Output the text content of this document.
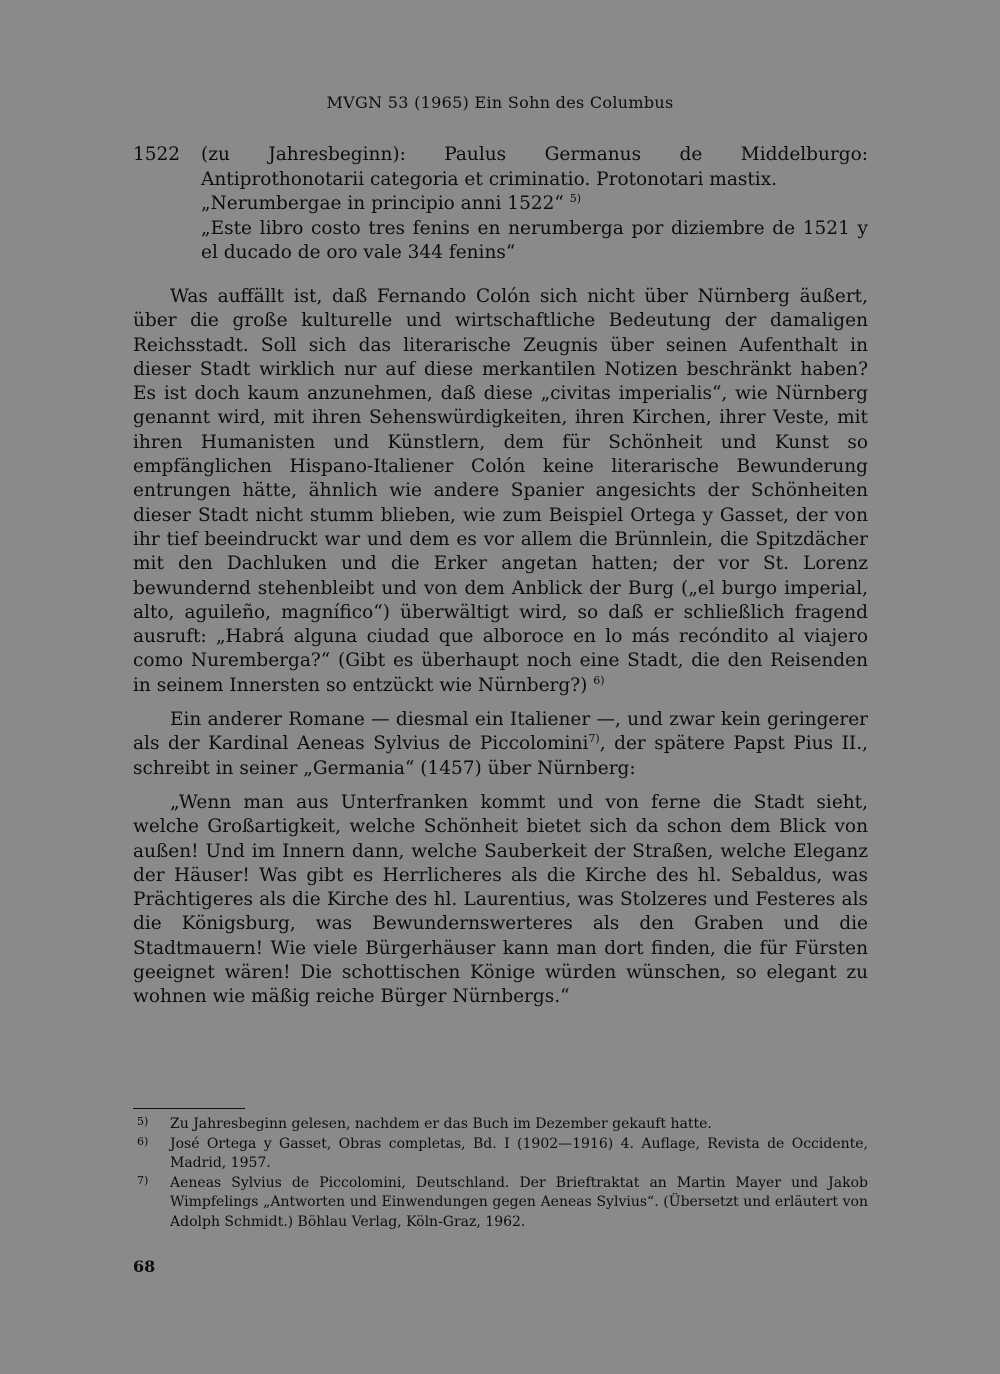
MVGN 53 (1965) Ein Sohn des Columbus
1522 (zu Jahresbeginn): Paulus Germanus de Middelburgo: Antiprothonotarii categoria et criminatio. Protonotari mastix.

„Nerumbergae in principio anni 1522“ $^{5)}$

„Este libro costo tres fenins en nerumberga por diziembre de 1521 y el ducado de oro vale 344 fenins“

Was auffällt ist, daß Fernando Colón sich nicht über Nürnberg äußert, über die große kulturelle und wirtschaftliche Bedeutung der damaligen Reichsstadt. Soll sich das literarische Zeugnis über seinen Aufenthalt in dieser Stadt wirklich nur auf diese merkantilen Notizen beschränkt haben? Es ist doch kaum anzunehmen, daß diese „civitas imperialis“, wie Nürnberg genannt wird, mit ihren Sehenswürdigkeiten, ihren Kirchen, ihrer Veste, mit ihren Humanisten und Künstlern, dem für Schönheit und Kunst so empfänglichen Hispano-Italiener Colón keine literarische Bewunderung entrungen hätte, ähnlich wie andere Spanier angesichts der Schönheiten dieser Stadt nicht stumm blieben, wie zum Beispiel Ortega y Gasset, der von ihr tief beeindruckt war und dem es vor allem die Brünnlein, die Spitzdächer mit den Dachluken und die Erker angetan hatten; der vor St. Lorenz bewundernd stehenbleibt und von dem Anblick der Burg („el burgo imperial, alto, aguileño, magnífico“) überwältigt wird, so daß er schließlich fragend ausruft: „Habrá alguna ciudad que alboroce en lo más recóndito al viajero como Nuremberga?“ (Gibt es überhaupt noch eine Stadt, die den Reisenden in seinem Innersten so entzückt wie Nürnberg?) $^{6)}$

Ein anderer Romane — diesmal ein Italiener —, und zwar kein geringerer als der Kardinal Aeneas Sylvius de Piccolomini$^{7)}$, der spätere Papst Pius II., schreibt in seiner „Germania“ (1457) über Nürnberg:

„Wenn man aus Unterfranken kommt und von ferne die Stadt sieht, welche Großartigkeit, welche Schönheit bietet sich da schon dem Blick von außen! Und im Innern dann, welche Sauberkeit der Straßen, welche Eleganz der Häuser! Was gibt es Herrlicheres als die Kirche des hl. Sebaldus, was Prächtigeres als die Kirche des hl. Laurentius, was Stolzeres und Festeres als die Königsburg, was Bewundernswerteres als den Graben und die Stadtmauern! Wie viele Bürgerhäuser kann man dort finden, die für Fürsten geeignet wären! Die schottischen Könige würden wünschen, so elegant zu wohnen wie mäßig reiche Bürger Nürnbergs.“

5) Zu Jahresbeginn gelesen, nachdem er das Buch im Dezember gekauft hatte.
6) José Ortega y Gasset, Obras completas, Bd. I (1902—1916) 4. Auflage, Revista de Occidente, Madrid, 1957.
7) Aeneas Sylvius de Piccolomini, Deutschland. Der Brieftraktat an Martin Mayer und Jakob Wimpfelings „Antworten und Einwendungen gegen Aeneas Sylvius“. (Übersetzt und erläutert von Adolph Schmidt.) Böhlau Verlag, Köln-Graz, 1962.
68
